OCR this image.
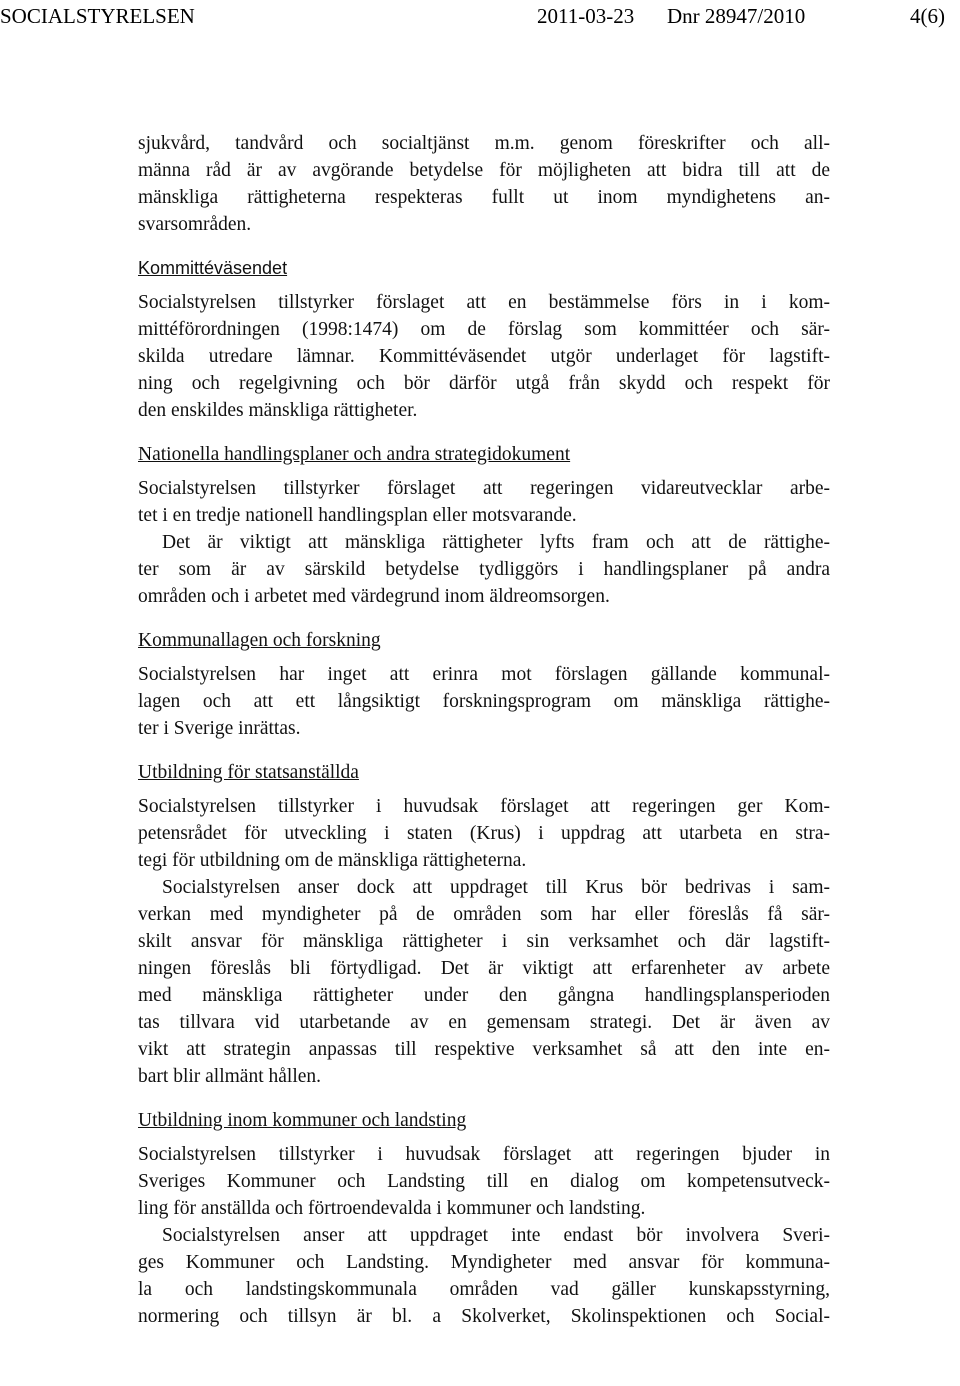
SOCIALSTYRELSEN	2011-03-23 Dnr 28947/2010	4(6)
sjukvård, tandvård och socialtjänst m.m. genom föreskrifter och all-
männa råd är av avgörande betydelse för möjligheten att bidra till att de
mänskliga rättigheterna respekteras fullt ut inom myndighetens an-
svarsområden.
Kommittéväsendet
Socialstyrelsen tillstyrker förslaget att en bestämmelse förs in i kom-
mittéförordningen (1998:1474) om de förslag som kommittéer och sär-
skilda utredare lämnar. Kommittéväsendet utgör underlaget för lagstift-
ning och regelgivning och bör därför utgå från skydd och respekt för
den enskildes mänskliga rättigheter.
Nationella handlingsplaner och andra strategidokument
Socialstyrelsen tillstyrker förslaget att regeringen vidareutvecklar arbe-
tet i en tredje nationell handlingsplan eller motsvarande.
Det är viktigt att mänskliga rättigheter lyfts fram och att de rättighe-
ter som är av särskild betydelse tydliggörs i handlingsplaner på andra
områden och i arbetet med värdegrund inom äldreomsorgen.
Kommunallagen och forskning
Socialstyrelsen har inget att erinra mot förslagen gällande kommunal-
lagen och att ett långsiktigt forskningsprogram om mänskliga rättighe-
ter i Sverige inrättas.
Utbildning för statsanställda
Socialstyrelsen tillstyrker i huvudsak förslaget att regeringen ger Kom-
petensrådet för utveckling i staten (Krus) i uppdrag att utarbeta en stra-
tegi för utbildning om de mänskliga rättigheterna.
Socialstyrelsen anser dock att uppdraget till Krus bör bedrivas i sam-
verkan med myndigheter på de områden som har eller föreslås få sär-
skilt ansvar för mänskliga rättigheter i sin verksamhet och där lagstift-
ningen föreslås bli förtydligad. Det är viktigt att erfarenheter av arbete
med mänskliga rättigheter under den gångna handlingsplansperioden
tas tillvara vid utarbetande av en gemensam strategi. Det är även av
vikt att strategin anpassas till respektive verksamhet så att den inte en-
bart blir allmänt hållen.
Utbildning inom kommuner och landsting
Socialstyrelsen tillstyrker i huvudsak förslaget att regeringen bjuder in
Sveriges Kommuner och Landsting till en dialog om kompetensutveck-
ling för anställda och förtroendevalda i kommuner och landsting.
Socialstyrelsen anser att uppdraget inte endast bör involvera Sveri-
ges Kommuner och Landsting. Myndigheter med ansvar för kommuna-
la och landstingskommunala områden vad gäller kunskapsstyrning,
normering och tillsyn är bl. a Skolverket, Skolinspektionen och Social-
